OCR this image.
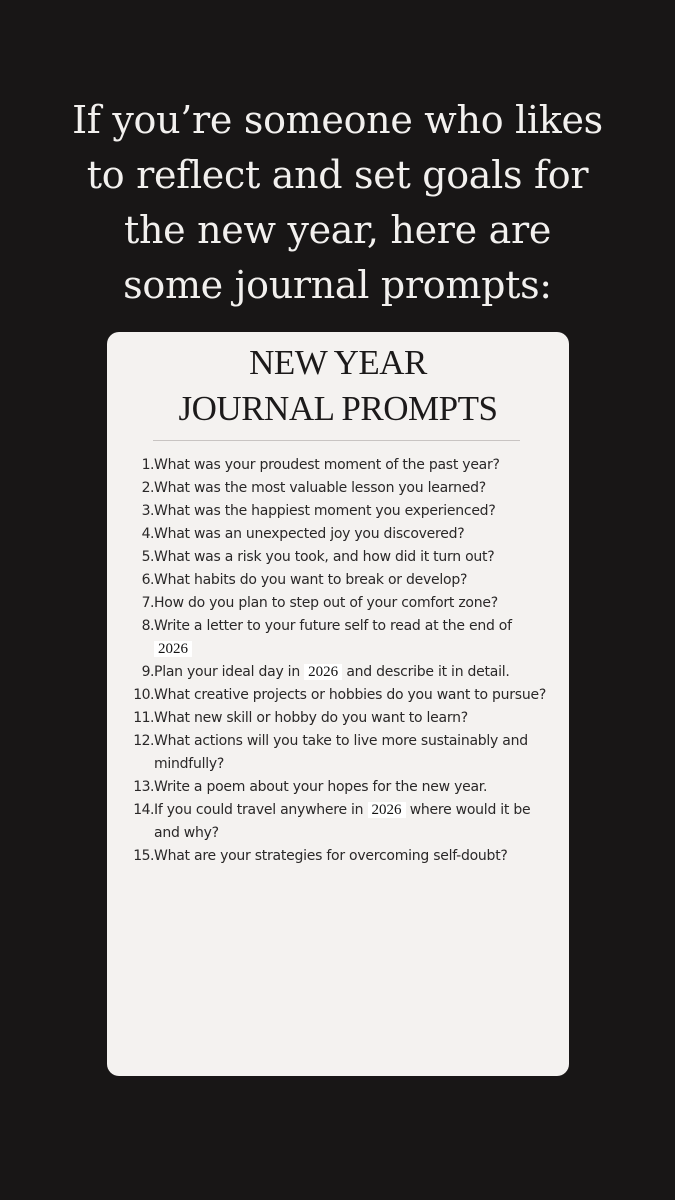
If you’re someone who likes
to reflect and set goals for
the new year, here are
some journal prompts:
NEW YEAR
JOURNAL PROMPTS
1. What was your proudest moment of the past year?
2. What was the most valuable lesson you learned?
3. What was the happiest moment you experienced?
4. What was an unexpected joy you discovered?
5. What was a risk you took, and how did it turn out?
6. What habits do you want to break or develop?
7. How do you plan to step out of your comfort zone?
8. Write a letter to your future self to read at the end of 2026
9. Plan your ideal day in 2026 and describe it in detail.
10. What creative projects or hobbies do you want to pursue?
11. What new skill or hobby do you want to learn?
12. What actions will you take to live more sustainably and mindfully?
13. Write a poem about your hopes for the new year.
14. If you could travel anywhere in 2026 where would it be and why?
15. What are your strategies for overcoming self-doubt?
